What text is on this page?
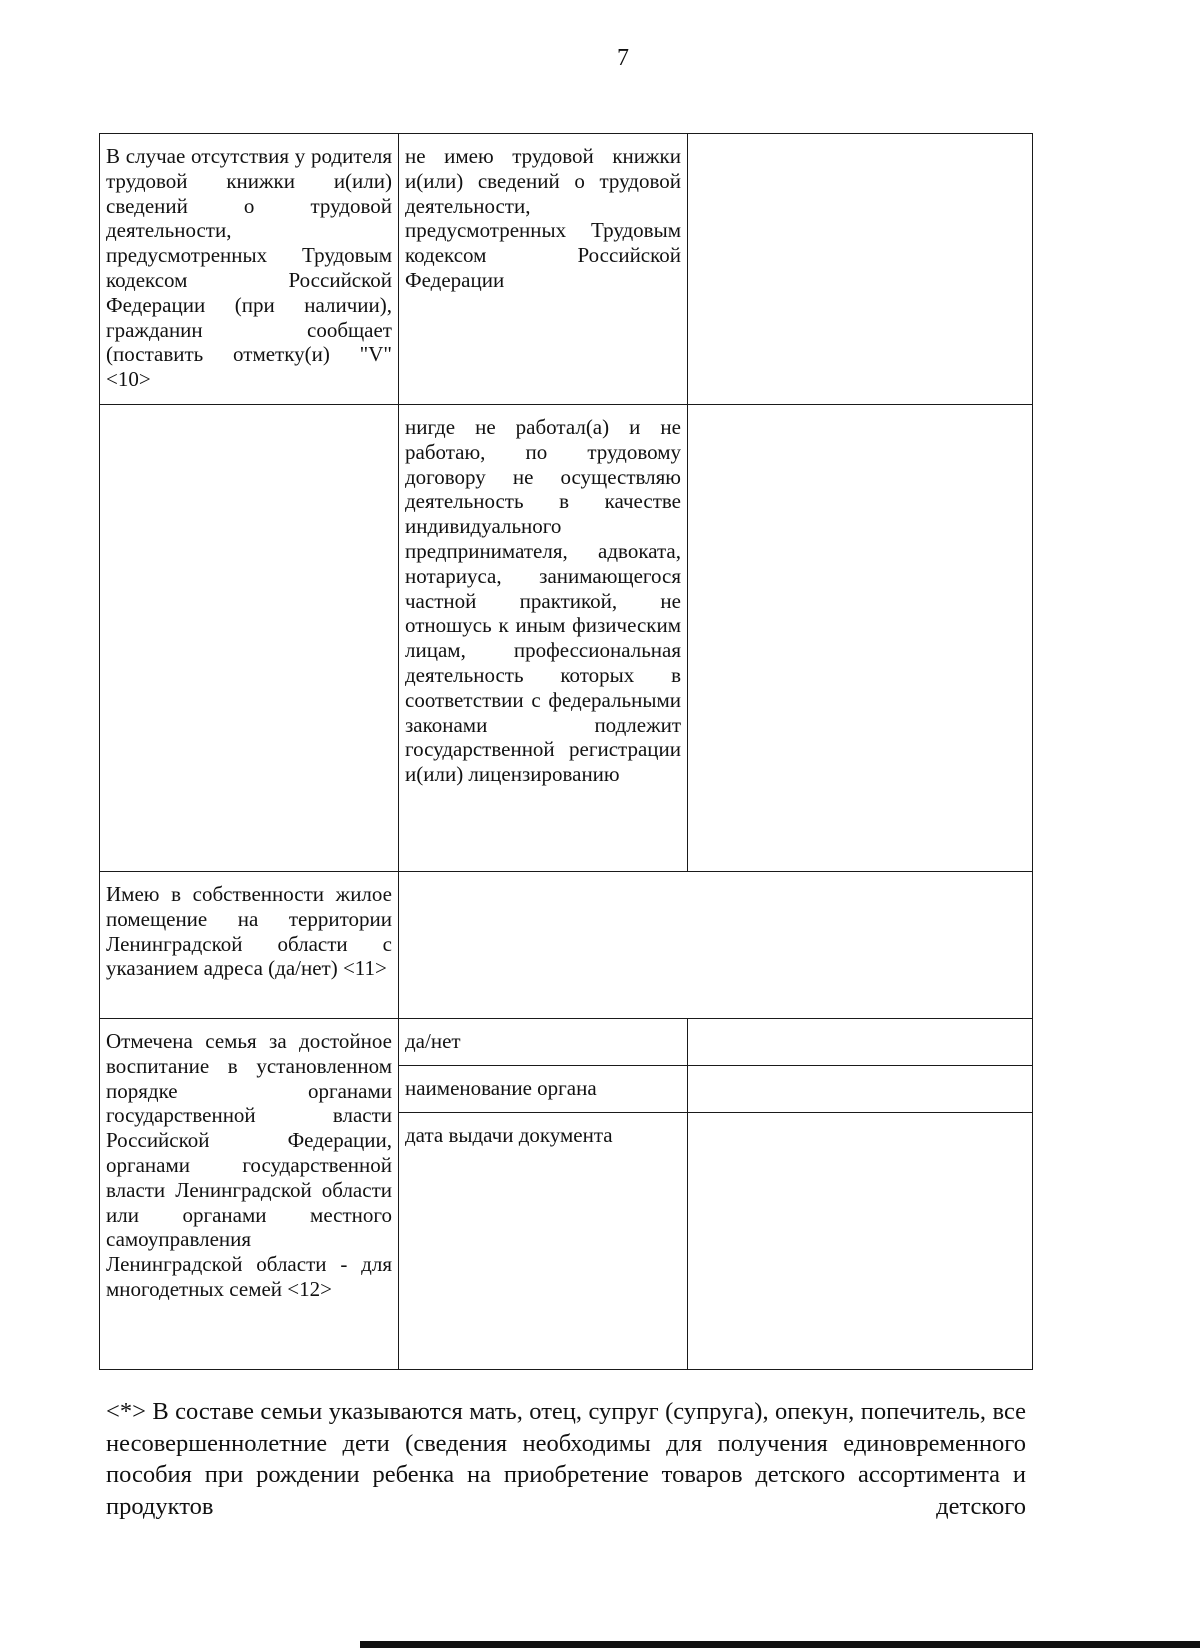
7
В случае отсутствия у родителя трудовой книжки и(или) сведений о трудовой деятельности, предусмотренных Трудовым кодексом Российской Федерации (при наличии), гражданин сообщает (поставить отметку(и) "V" <10>	не имею трудовой книжки и(или) сведений о трудовой деятельности, предусмотренных Трудовым кодексом Российской Федерации	
	нигде не работал(а) и не работаю, по трудовому договору не осуществляю деятельность в качестве индивидуального предпринимателя, адвоката, нотариуса, занимающегося частной практикой, не отношусь к иным физическим лицам, профессиональная деятельность которых в соответствии с федеральными законами подлежит государственной регистрации и(или) лицензированию	
Имею в собственности жилое помещение на территории Ленинградской области с указанием адреса (да/нет) <11>		
Отмечена семья за достойное воспитание в установленном порядке органами государственной власти Российской Федерации, органами государственной власти Ленинградской области или органами местного самоуправления Ленинградской области - для многодетных семей <12>	да/нет	
	наименование органа	
	дата выдачи документа	
<*> В составе семьи указываются мать, отец, супруг (супруга), опекун, попечитель, все несовершеннолетние дети (сведения необходимы для получения единовременного пособия при рождении ребенка на приобретение товаров детского ассортимента и продуктов детского
